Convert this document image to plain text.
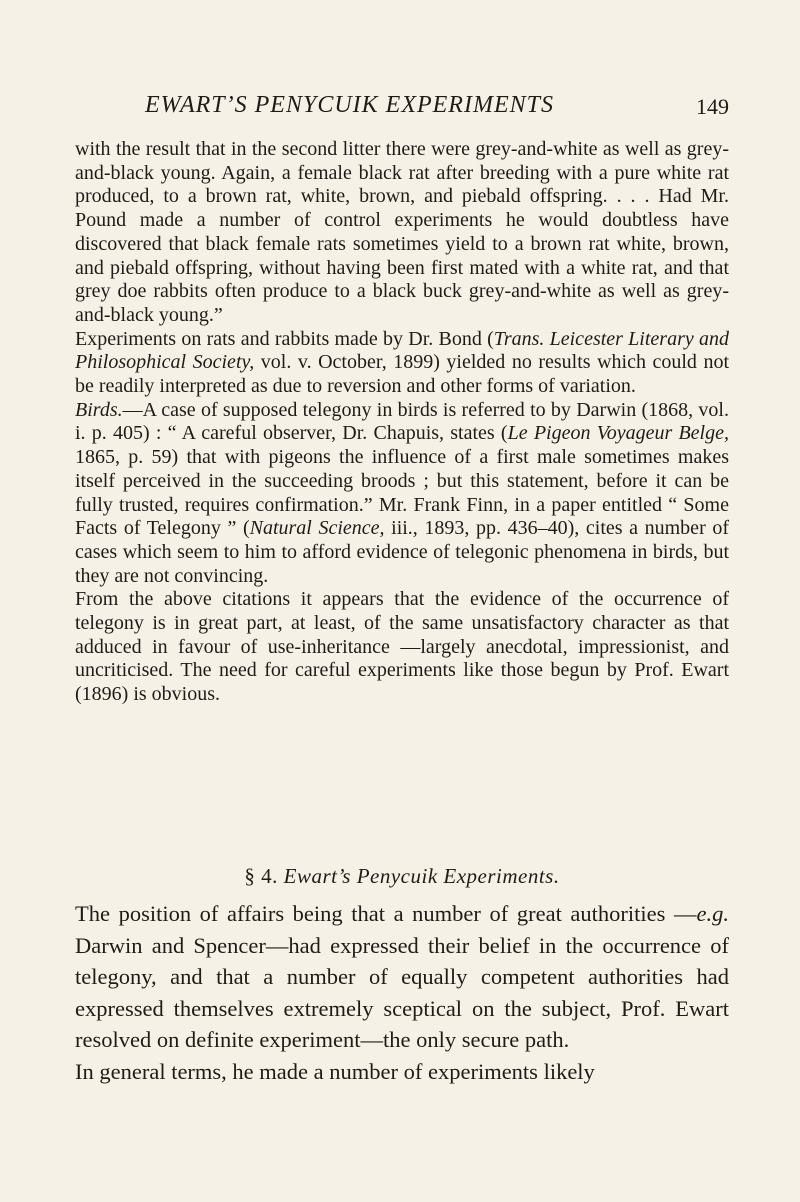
EWART’S PENYCUIK EXPERIMENTS	149

with the result that in the second litter there were grey-and-white as well as grey-and-black young. Again, a female black rat after breeding with a pure white rat produced, to a brown rat, white, brown, and piebald offspring. . . . Had Mr. Pound made a number of control experiments he would doubtless have discovered that black female rats sometimes yield to a brown rat white, brown, and piebald offspring, without having been first mated with a white rat, and that grey doe rabbits often produce to a black buck grey-and-white as well as grey-and-black young.”

Experiments on rats and rabbits made by Dr. Bond (Trans. Leicester Literary and Philosophical Society, vol. v. October, 1899) yielded no results which could not be readily interpreted as due to reversion and other forms of variation.

Birds.—A case of supposed telegony in birds is referred to by Darwin (1868, vol. i. p. 405) : “ A careful observer, Dr. Chapuis, states (Le Pigeon Voyageur Belge, 1865, p. 59) that with pigeons the influence of a first male sometimes makes itself perceived in the succeeding broods ; but this statement, before it can be fully trusted, requires confirmation.” Mr. Frank Finn, in a paper entitled “ Some Facts of Telegony ” (Natural Science, iii., 1893, pp. 436–40), cites a number of cases which seem to him to afford evidence of telegonic phenomena in birds, but they are not convincing.

From the above citations it appears that the evidence of the occurrence of telegony is in great part, at least, of the same unsatisfactory character as that adduced in favour of use-inheritance —largely anecdotal, impressionist, and uncriticised. The need for careful experiments like those begun by Prof. Ewart (1896) is obvious.

§ 4. Ewart’s Penycuik Experiments.

The position of affairs being that a number of great authorities —e.g. Darwin and Spencer—had expressed their belief in the occurrence of telegony, and that a number of equally competent authorities had expressed themselves extremely sceptical on the subject, Prof. Ewart resolved on definite experiment—the only secure path.

In general terms, he made a number of experiments likely
